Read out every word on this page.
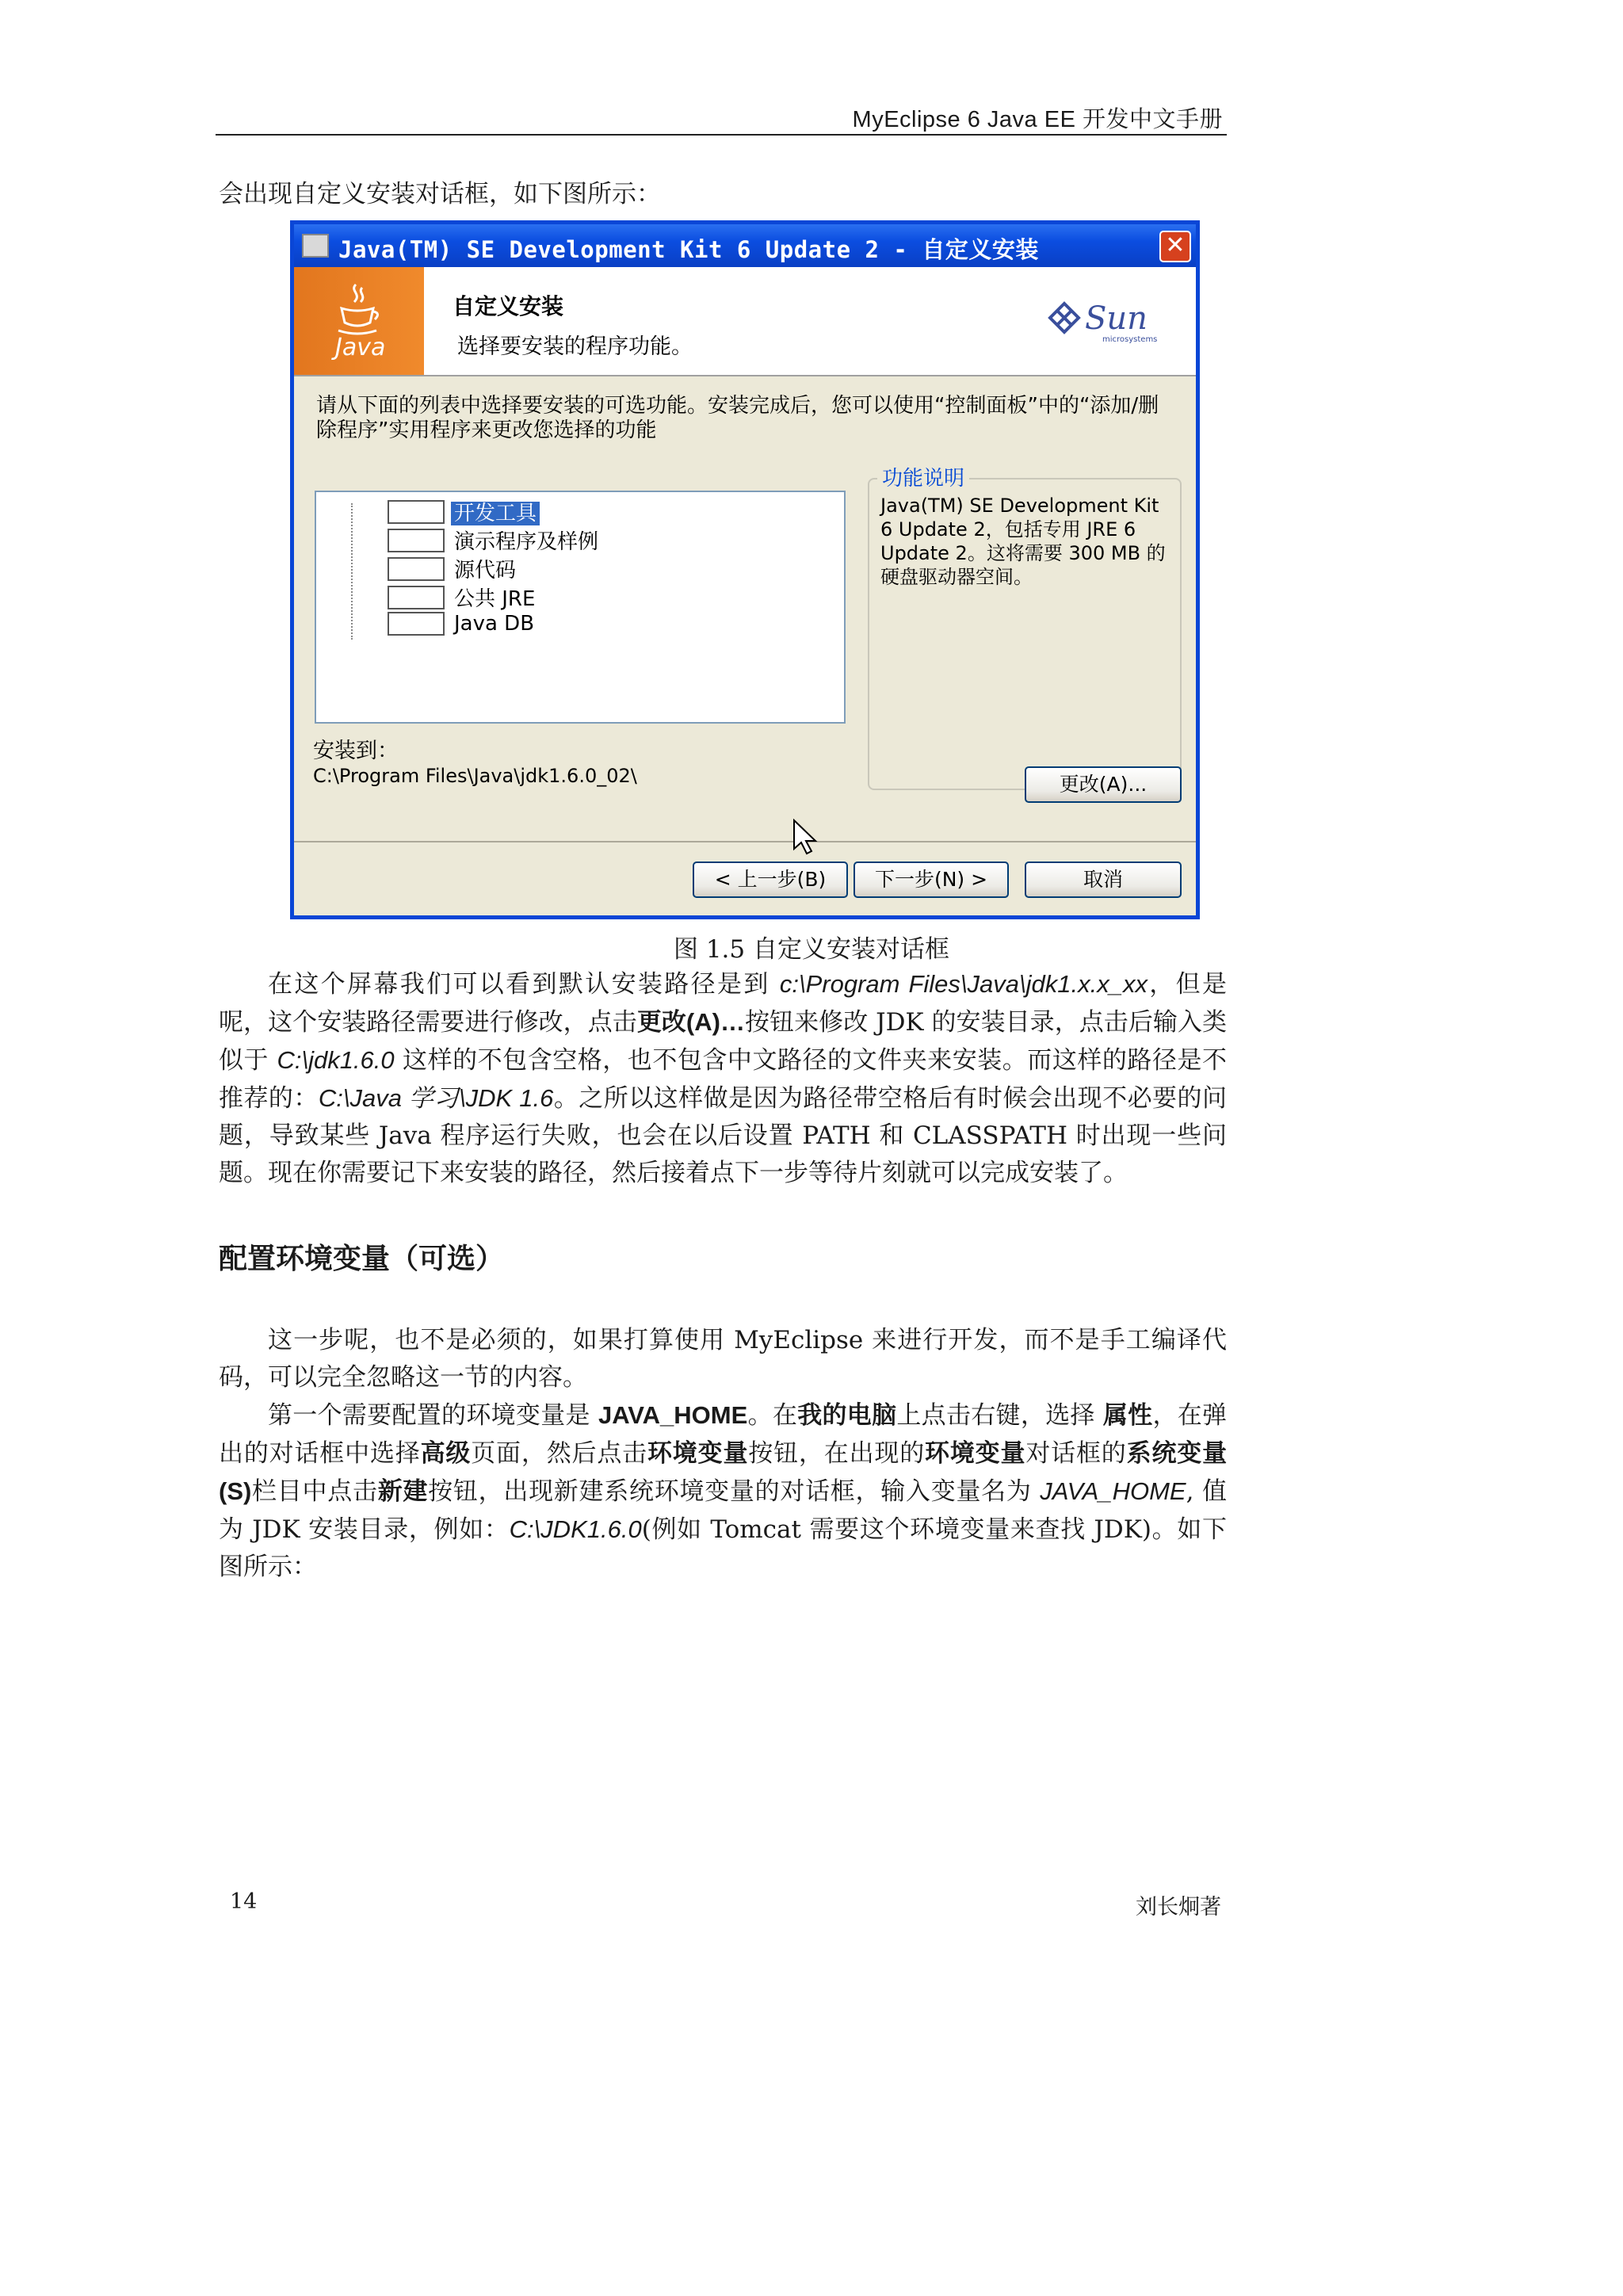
MyEclipse 6 Java EE 开发中文手册
会出现自定义安装对话框，如下图所示：
Java(TM) SE Development Kit 6 Update 2 - 自定义安装	✕
Java
自定义安装
选择要安装的程序功能。
Sun
microsystems
请从下面的列表中选择要安装的可选功能。安装完成后，您可以使用“控制面板”中的“添加/删除程序”实用程序来更改您选择的功能
开发工具
演示程序及样例
源代码
公共 JRE
Java DB
功能说明
Java(TM) SE Development Kit 6 Update 2，包括专用 JRE 6 Update 2。这将需要 300 MB 的硬盘驱动器空间。
安装到：
C:\Program Files\Java\jdk1.6.0_02\	更改(A)...
< 上一步(B)	下一步(N) >	取消
图 1.5 自定义安装对话框
在这个屏幕我们可以看到默认安装路径是到 c:\Program Files\Java\jdk1.x.x_xx，但是呢，这个安装路径需要进行修改，点击更改(A)…按钮来修改 JDK 的安装目录，点击后输入类似于 C:\jdk1.6.0 这样的不包含空格，也不包含中文路径的文件夹来安装。而这样的路径是不推荐的：C:\Java 学习\JDK 1.6。之所以这样做是因为路径带空格后有时候会出现不必要的问题，导致某些 Java 程序运行失败，也会在以后设置 PATH 和 CLASSPATH 时出现一些问题。现在你需要记下来安装的路径，然后接着点下一步等待片刻就可以完成安装了。
配置环境变量（可选）
这一步呢，也不是必须的，如果打算使用 MyEclipse 来进行开发，而不是手工编译代码，可以完全忽略这一节的内容。
第一个需要配置的环境变量是 JAVA_HOME。在我的电脑上点击右键，选择 属性，在弹出的对话框中选择高级页面，然后点击环境变量按钮，在出现的环境变量对话框的系统变量(S)栏目中点击新建按钮，出现新建系统环境变量的对话框，输入变量名为 JAVA_HOME, 值为 JDK 安装目录，例如：C:\JDK1.6.0(例如 Tomcat 需要这个环境变量来查找 JDK)。如下图所示：
14	刘长炯著
